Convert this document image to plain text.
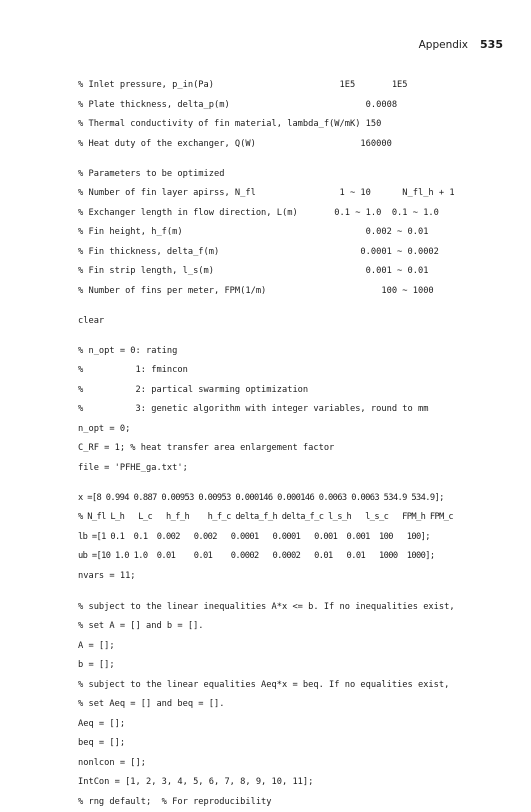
Appendix 535
% Inlet pressure, p_in(Pa)                        1E5       1E5
% Plate thickness, delta_p(m)                          0.0008
% Thermal conductivity of fin material, lambda_f(W/mK) 150
% Heat duty of the exchanger, Q(W)                    160000
% Parameters to be optimized
% Number of fin layer apirss, N_fl                1 ~ 10      N_fl_h + 1
% Exchanger length in flow direction, L(m)       0.1 ~ 1.0  0.1 ~ 1.0
% Fin height, h_f(m)                                   0.002 ~ 0.01
% Fin thickness, delta_f(m)                           0.0001 ~ 0.0002
% Fin strip length, l_s(m)                             0.001 ~ 0.01
% Number of fins per meter, FPM(1/m)                      100 ~ 1000
clear
% n_opt = 0: rating
%          1: fmincon
%          2: partical swarming optimization
%          3: genetic algorithm with integer variables, round to mm
n_opt = 0;
C_RF = 1; % heat transfer area enlargement factor
file = 'PFHE_ga.txt';
x =[8 0.994 0.887 0.00953 0.00953 0.000146 0.000146 0.0063 0.0063 534.9 534.9];
% N_fl L_h   L_c   h_f_h    h_f_c delta_f_h delta_f_c l_s_h   l_s_c   FPM_h FPM_c
lb =[1 0.1  0.1  0.002   0.002   0.0001   0.0001   0.001  0.001  100   100];
ub =[10 1.0 1.0  0.01    0.01    0.0002   0.0002   0.01   0.01   1000  1000];
nvars = 11;
% subject to the linear inequalities A*x <= b. If no inequalities exist,
% set A = [] and b = [].
A = [];
b = [];
% subject to the linear equalities Aeq*x = beq. If no equalities exist,
% set Aeq = [] and beq = [].
Aeq = [];
beq = [];
nonlcon = [];
IntCon = [1, 2, 3, 4, 5, 6, 7, 8, 9, 10, 11];
% rng default;  % For reproducibility
